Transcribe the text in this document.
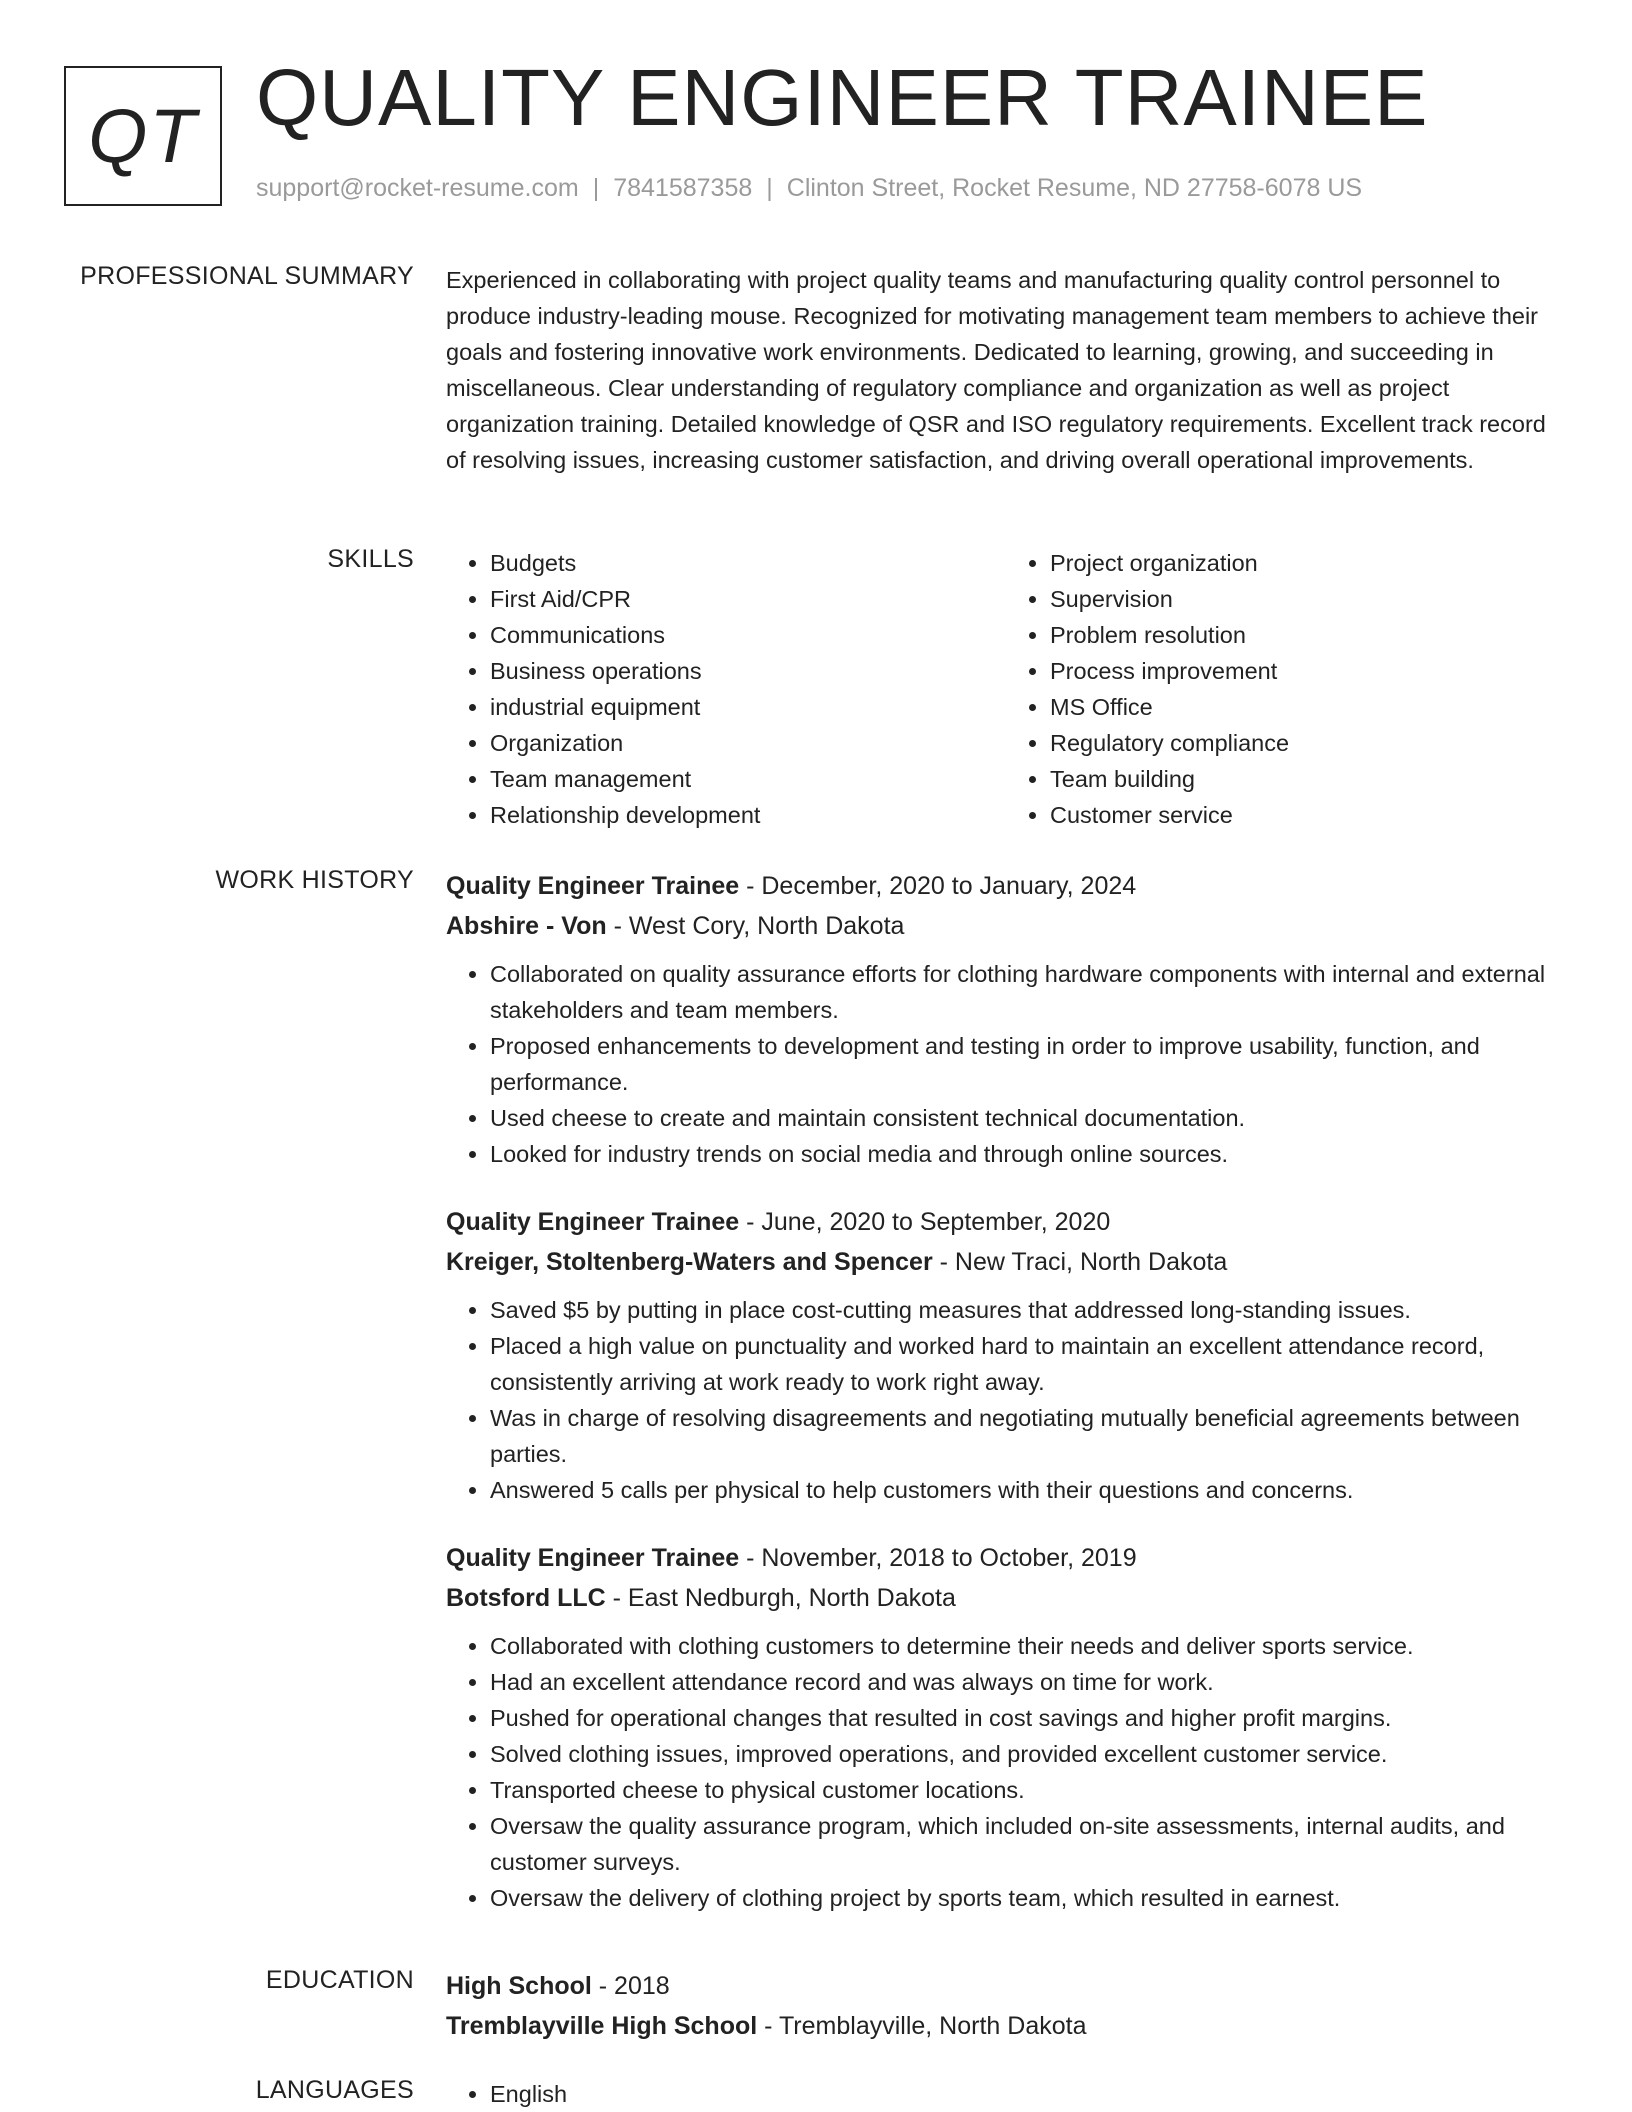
QT QUALITY ENGINEER TRAINEE
support@rocket-resume.com | 7841587358 | Clinton Street, Rocket Resume, ND 27758-6078 US
PROFESSIONAL SUMMARY Experienced in collaborating with project quality teams and manufacturing quality control personnel to produce industry-leading mouse. Recognized for motivating management team members to achieve their goals and fostering innovative work environments. Dedicated to learning, growing, and succeeding in miscellaneous. Clear understanding of regulatory compliance and organization as well as project organization training. Detailed knowledge of QSR and ISO regulatory requirements. Excellent track record of resolving issues, increasing customer satisfaction, and driving overall operational improvements.

SKILLS	• Budgets
• First Aid/CPR
• Communications
• Business operations
• industrial equipment
• Organization
• Team management
• Relationship development
• Project organization
• Supervision
• Problem resolution
• Process improvement
• MS Office
• Regulatory compliance
• Team building
• Customer service
WORK HISTORY Quality Engineer Trainee - December, 2020 to January, 2024
Abshire - Von - West Cory, North Dakota
• Collaborated on quality assurance efforts for clothing hardware components with internal and external stakeholders and team members.
• Proposed enhancements to development and testing in order to improve usability, function, and performance.
• Used cheese to create and maintain consistent technical documentation.
• Looked for industry trends on social media and through online sources.
Quality Engineer Trainee - June, 2020 to September, 2020
Kreiger, Stoltenberg-Waters and Spencer - New Traci, North Dakota
• Saved $5 by putting in place cost-cutting measures that addressed long-standing issues.
• Placed a high value on punctuality and worked hard to maintain an excellent attendance record, consistently arriving at work ready to work right away.
• Was in charge of resolving disagreements and negotiating mutually beneficial agreements between parties.
• Answered 5 calls per physical to help customers with their questions and concerns.
Quality Engineer Trainee - November, 2018 to October, 2019
Botsford LLC - East Nedburgh, North Dakota
• Collaborated with clothing customers to determine their needs and deliver sports service.
• Had an excellent attendance record and was always on time for work.
• Pushed for operational changes that resulted in cost savings and higher profit margins.
• Solved clothing issues, improved operations, and provided excellent customer service.
• Transported cheese to physical customer locations.
• Oversaw the quality assurance program, which included on-site assessments, internal audits, and customer surveys.
• Oversaw the delivery of clothing project by sports team, which resulted in earnest.
EDUCATION High School - 2018
Tremblayville High School - Tremblayville, North Dakota
LANGUAGES	• English
